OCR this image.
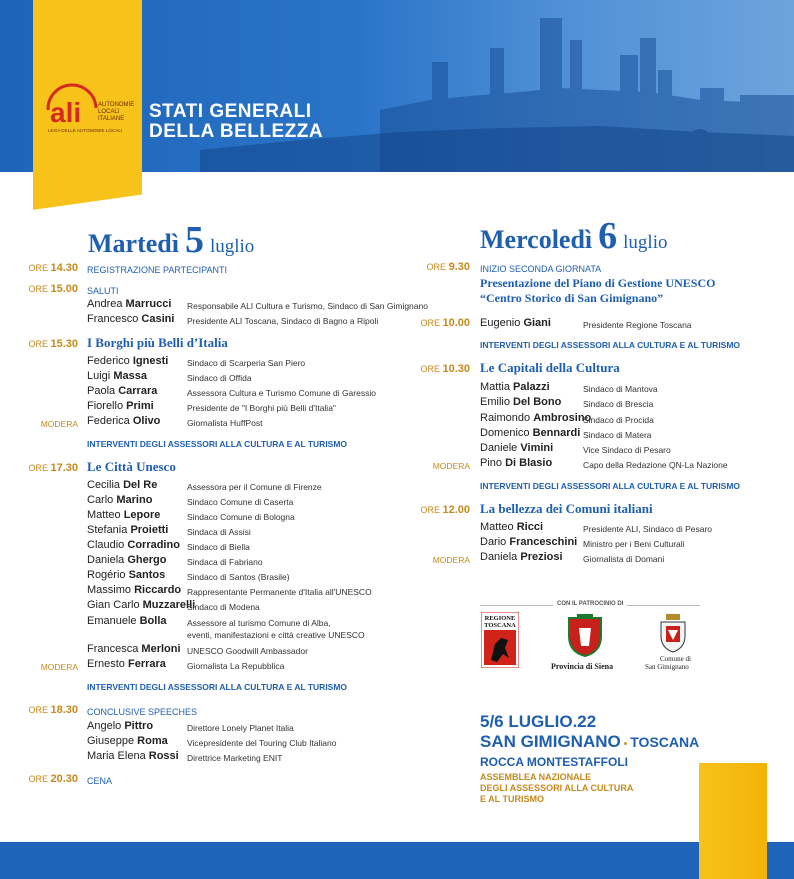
STATI GENERALI
DELLA BELLEZZA
ali	AUTONOMIE
LOCALI
ITALIANE
LEGA DELLE AUTONOMIE LOCALI
Martedì 5 luglio	Mercoledì 6 luglio
ORE 14.30 REGISTRAZIONE PARTECIPANTI
ORE 15.00 SALUTI
Andrea Marrucci Responsabile ALI Cultura e Turismo, Sindaco di San Gimignano
Francesco Casini Presidente ALI Toscana, Sindaco di Bagno a Ripoli
ORE 15.30 I Borghi più Belli d’Italia
Federico Ignesti Sindaco di Scarperia San Piero
Luigi Massa	Sindaco di Offida
Paola Carrara	Assessora Cultura e Turismo Comune di Garessio
Fiorello Primi	Presidente de "I Borghi più Belli d'Italia"
MODERA Federica Olivo	Giornalista HuffPost
INTERVENTI DEGLI ASSESSORI ALLA CULTURA E AL TURISMO
ORE 17.30 Le Città Unesco
Cecilia Del Re	Assessora per il Comune di Firenze
Carlo Marino	Sindaco Comune di Caserta
Matteo Lepore	Sindaco Comune di Bologna
Stefania Proietti Sindaca di Assisi
Claudio Corradino Sindaco di Biella
Daniela Ghergo Sindaca di Fabriano
Rogério Santos	Sindaco di Santos (Brasile)
Massimo Riccardo Rappresentante Permanente d'Italia all'UNESCO
Gian Carlo Muzzarelli
Sindaco di Modena
Emanuele Bolla Assessore al turismo Comune di Alba,
eventi, manifestazioni e città creative UNESCO
Francesca Merloni UNESCO Goodwill Ambassador
MODERA Ernesto Ferrara Giornalista La Repubblica
INTERVENTI DEGLI ASSESSORI ALLA CULTURA E AL TURISMO
ORE 18.30 CONCLUSIVE SPEECHES
Angelo Pittro	Direttore Lonely Planet Italia
Giuseppe Roma Vicepresidente del Touring Club Italiano
Maria Elena Rossi Direttrice Marketing ENIT
ORE 20.30 CENA
ORE 9.30 INIZIO SECONDA GIORNATA
Presentazione del Piano di Gestione UNESCO
“Centro Storico di San Gimignano”
ORE 10.00 Eugenio Giani	Presidente Regione Toscana
INTERVENTI DEGLI ASSESSORI ALLA CULTURA E AL TURISMO
ORE 10.30 Le Capitali della Cultura
Mattia Palazzi	Sindaco di Mantova
Emilio Del Bono	Sindaco di Brescia
Raimondo Ambrosino
Sindaco di Procida
Domenico Bennardi Sindaco di Matera
Daniele Vimini	Vice Sindaco di Pesaro
MODERA Pino Di Blasio	Capo della Redazione QN-La Nazione
INTERVENTI DEGLI ASSESSORI ALLA CULTURA E AL TURISMO
ORE 12.00 La bellezza dei Comuni italiani
Matteo Ricci	Presidente ALI, Sindaco di Pesaro
Dario Franceschini Ministro per i Beni Culturali
MODERA Daniela Preziosi Giornalista di Domani
CON IL PATROCINIO DI
REGIONE
TOSCANA
Provincia di Siena
Comune di
San Gimignano
5/6 LUGLIO.22
SAN GIMIGNANO • TOSCANA
ROCCA MONTESTAFFOLI
ASSEMBLEA NAZIONALE
DEGLI ASSESSORI ALLA CULTURA
E AL TURISMO
